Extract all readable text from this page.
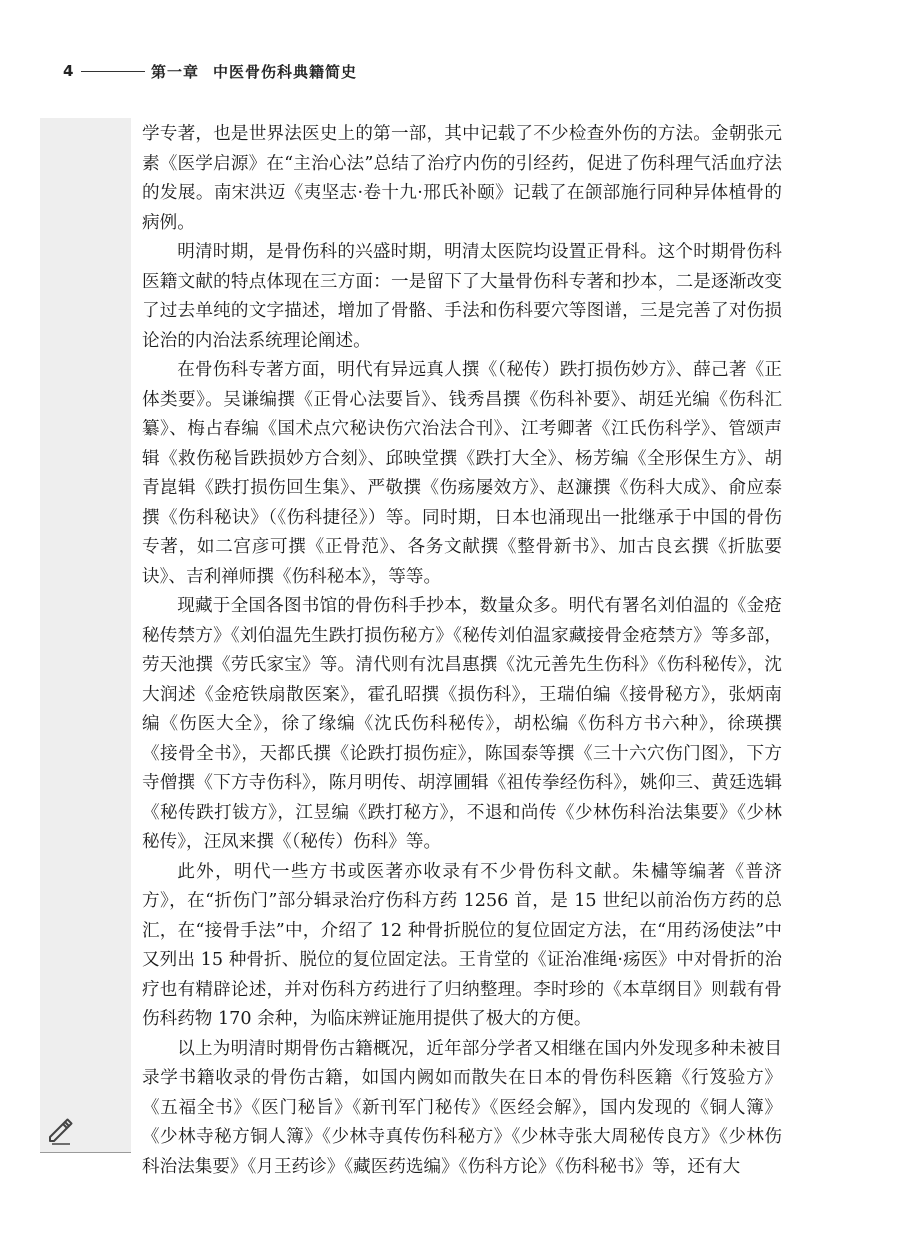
4	第一章 中医骨伤科典籍简史

学专著，也是世界法医史上的第一部，其中记载了不少检查外伤的方法。金朝张元素《医学启源》在“主治心法”总结了治疗内伤的引经药，促进了伤科理气活血疗法的发展。南宋洪迈《夷坚志·卷十九·邢氏补颐》记载了在颌部施行同种异体植骨的病例。

明清时期，是骨伤科的兴盛时期，明清太医院均设置正骨科。这个时期骨伤科医籍文献的特点体现在三方面：一是留下了大量骨伤科专著和抄本，二是逐渐改变了过去单纯的文字描述，增加了骨骼、手法和伤科要穴等图谱，三是完善了对伤损论治的内治法系统理论阐述。

在骨伤科专著方面，明代有异远真人撰《（秘传）跌打损伤妙方》、薛己著《正体类要》。吴谦编撰《正骨心法要旨》、钱秀昌撰《伤科补要》、胡廷光编《伤科汇纂》、梅占春编《国术点穴秘诀伤穴治法合刊》、江考卿著《江氏伤科学》、管颂声辑《救伤秘旨跌损妙方合刻》、邱映堂撰《跌打大全》、杨芳编《全形保生方》、胡青崑辑《跌打损伤回生集》、严敬撰《伤疡屡效方》、赵濂撰《伤科大成》、俞应泰撰《伤科秘诀》（《伤科捷径》）等。同时期，日本也涌现出一批继承于中国的骨伤专著，如二宫彦可撰《正骨范》、各务文献撰《整骨新书》、加古良玄撰《折肱要诀》、吉利禅师撰《伤科秘本》，等等。

现藏于全国各图书馆的骨伤科手抄本，数量众多。明代有署名刘伯温的《金疮秘传禁方》《刘伯温先生跌打损伤秘方》《秘传刘伯温家藏接骨金疮禁方》等多部，劳天池撰《劳氏家宝》等。清代则有沈昌惠撰《沈元善先生伤科》《伤科秘传》，沈大润述《金疮铁扇散医案》，霍孔昭撰《损伤科》，王瑞伯编《接骨秘方》，张炳南编《伤医大全》，徐了缘编《沈氏伤科秘传》，胡松编《伤科方书六种》，徐瑛撰《接骨全书》，天都氏撰《论跌打损伤症》，陈国泰等撰《三十六穴伤门图》，下方寺僧撰《下方寺伤科》，陈月明传、胡淳圃辑《祖传拳经伤科》，姚仰三、黄廷选辑《秘传跌打钹方》，江昱编《跌打秘方》，不退和尚传《少林伤科治法集要》《少林秘传》，汪凤来撰《（秘传）伤科》等。

此外，明代一些方书或医著亦收录有不少骨伤科文献。朱橚等编著《普济方》，在“折伤门”部分辑录治疗伤科方药 1256 首，是 15 世纪以前治伤方药的总汇，在“接骨手法”中，介绍了 12 种骨折脱位的复位固定方法，在“用药汤使法”中又列出 15 种骨折、脱位的复位固定法。王肯堂的《证治准绳·疡医》中对骨折的治疗也有精辟论述，并对伤科方药进行了归纳整理。李时珍的《本草纲目》则载有骨伤科药物 170 余种，为临床辨证施用提供了极大的方便。

以上为明清时期骨伤古籍概况，近年部分学者又相继在国内外发现多种未被目录学书籍收录的骨伤古籍，如国内阙如而散失在日本的骨伤科医籍《行笈验方》《五福全书》《医门秘旨》《新刊军门秘传》《医经会解》，国内发现的《铜人簿》《少林寺秘方铜人簿》《少林寺真传伤科秘方》《少林寺张大周秘传良方》《少林伤科治法集要》《月王药诊》《藏医药选编》《伤科方论》《伤科秘书》等，还有大
